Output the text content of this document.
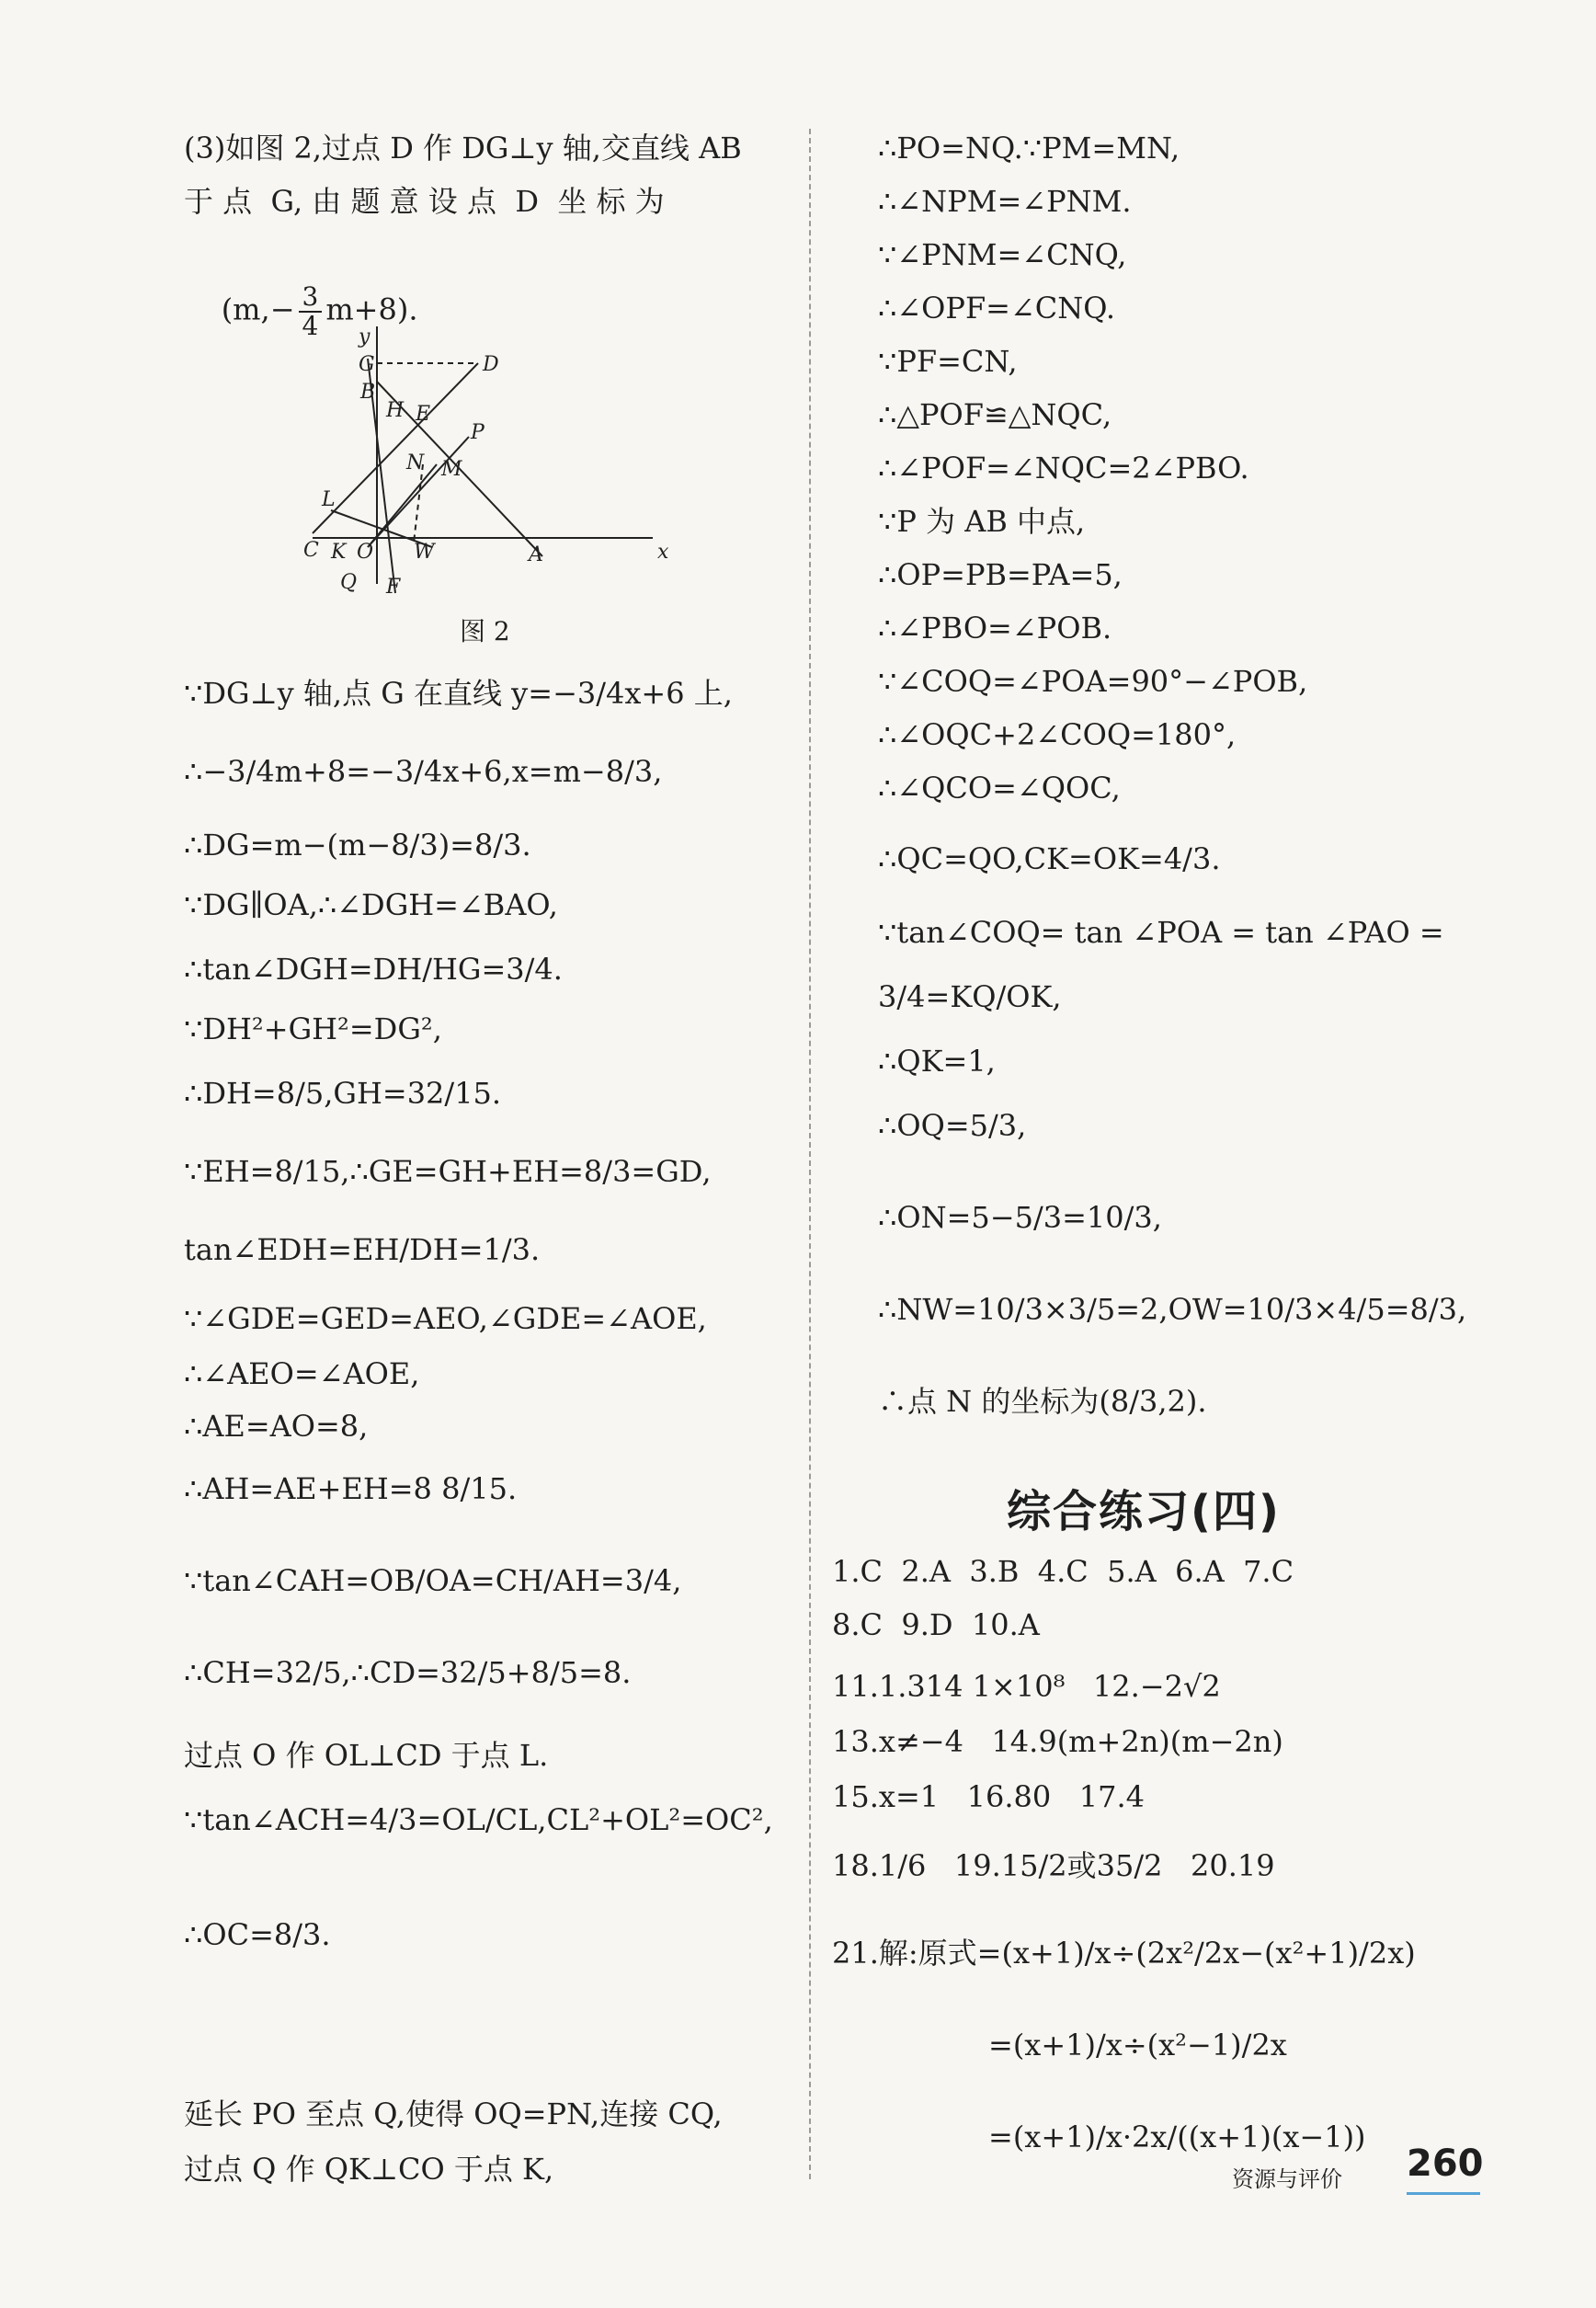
(3)如图 2,过点 D 作 DG⊥y 轴,交直线 AB
于 点  G, 由 题 意 设 点  D  坐 标 为

$(m,- \frac{3}{4} m+8)$.

y
G	D
B
H E
P
N M
L
C K O W	A	x
Q F
图 2
∵DG⊥y 轴,点 G 在直线 y=−3/4x+6 上,
∴−3/4m+8=−3/4x+6,x=m−8/3,
∴DG=m−(m−8/3)=8/3.
∵DG∥OA,∴∠DGH=∠BAO,
∴tan∠DGH=DH/HG=3/4.
∵DH²+GH²=DG²,
∴DH=8/5,GH=32/15.
∵EH=8/15,∴GE=GH+EH=8/3=GD,
tan∠EDH=EH/DH=1/3.
∵∠GDE=GED=AEO,∠GDE=∠AOE,
∴∠AEO=∠AOE,
∴AE=AO=8,
∴AH=AE+EH=8 8/15.
∵tan∠CAH=OB/OA=CH/AH=3/4,
∴CH=32/5,∴CD=32/5+8/5=8.
过点 O 作 OL⊥CD 于点 L.
∵tan∠ACH=4/3=OL/CL,CL²+OL²=OC²,
∴OC=8/3.
延长 PO 至点 Q,使得 OQ=PN,连接 CQ,
过点 Q 作 QK⊥CO 于点 K,
∴PO=NQ.∵PM=MN,
∴∠NPM=∠PNM.
∵∠PNM=∠CNQ,
∴∠OPF=∠CNQ.
∵PF=CN,
∴△POF≌△NQC,
∴∠POF=∠NQC=2∠PBO.
∵P 为 AB 中点,
∴OP=PB=PA=5,
∴∠PBO=∠POB.
∵∠COQ=∠POA=90°−∠POB,
∴∠OQC+2∠COQ=180°,
∴∠QCO=∠QOC,
∴QC=QO,CK=OK=4/3.
∵tan∠COQ= tan ∠POA = tan ∠PAO =
3/4=KQ/OK,
∴QK=1,
∴OQ=5/3,
∴ON=5−5/3=10/3,
∴NW=10/3×3/5=2,OW=10/3×4/5=8/3,
∴点 N 的坐标为(8/3,2).
1.C  2.A  3.B  4.C  5.A  6.A  7.C
8.C  9.D  10.A
11.1.314 1×10⁸   12.−2√2
13.x≠−4   14.9(m+2n)(m−2n)
15.x=1   16.80   17.4
18.1/6   19.15/2或35/2   20.19
21.解:原式=(x+1)/x÷(2x²/2x−(x²+1)/2x)
=(x+1)/x÷(x²−1)/2x
=(x+1)/x·2x/((x+1)(x−1))
综合练习(四)
资源与评价 260
